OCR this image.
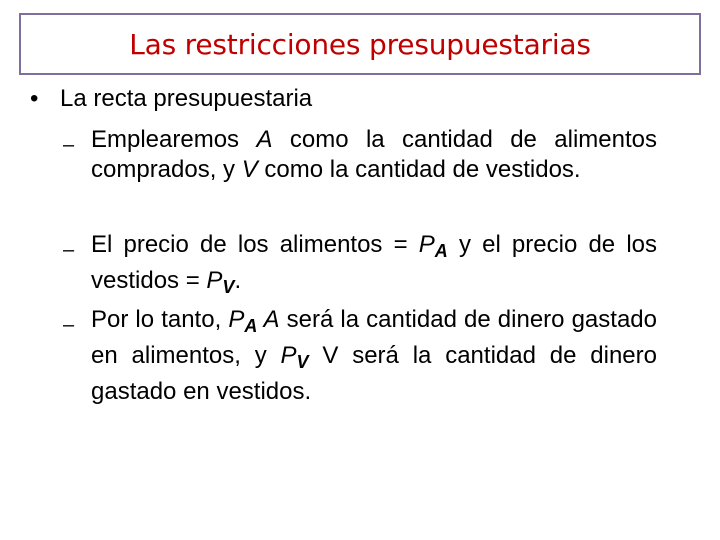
Las restricciones presupuestarias
• La recta presupuestaria
– Emplearemos A como la cantidad de alimentos comprados, y V como la cantidad de vestidos.
– El precio de los alimentos = $P_A$ y el precio de los vestidos = $P_V$.
– Por lo tanto, $P_A$ A será la cantidad de dinero gastado en alimentos, y $P_V$ V será la cantidad de dinero gastado en vestidos.
